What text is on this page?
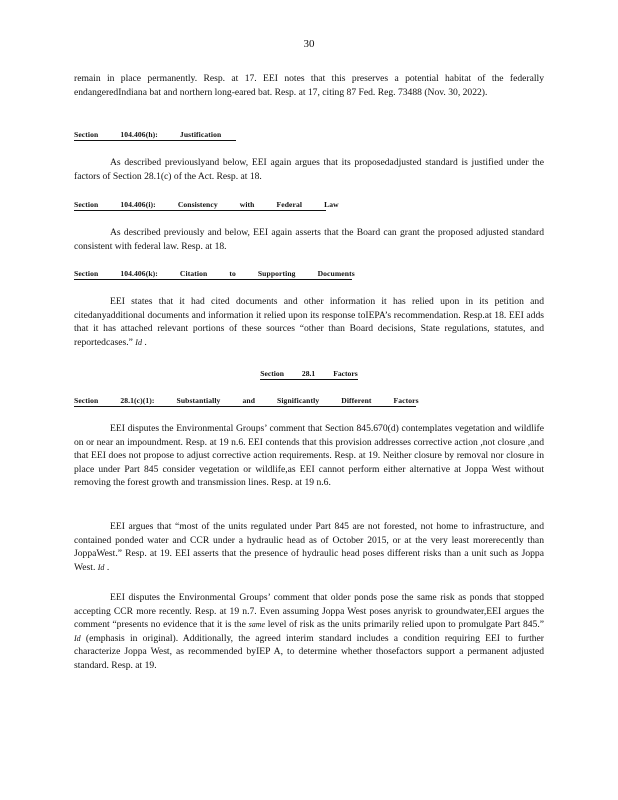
30

remain in place permanently. Resp. at 17. EEI notes that this preserves a potential habitat of the federally endangeredIndiana bat and northern long-eared bat. Resp. at 17, citing 87 Fed. Reg. 73488 (Nov. 30, 2022).

Section	104.406(h):	Justification

As described previouslyand below, EEI again argues that its proposedadjusted standard is justified under the factors of Section 28.1(c) of the Act. Resp. at 18.

Section	104.406(i):	Consistency	with	Federal	Law

As described previously and below, EEI again asserts that the Board can grant the proposed adjusted standard consistent with federal law. Resp. at 18.

Section	104.406(k):	Citation	to	Supporting	Documents

EEI states that it had cited documents and other information it has relied upon in its petition and citedanyadditional documents and information it relied upon its response toIEPA’s recommendation. Resp.at 18. EEI adds that it has attached relevant portions of these sources “other than Board decisions, State regulations, statutes, and reportedcases.” Id .

Section 28.1 Factors
Section	28.1(c)(1):	Substantially	and	Significantly	Different	Factors

EEI disputes the Environmental Groups’ comment that Section 845.670(d) contemplates vegetation and wildlife on or near an impoundment. Resp. at 19 n.6. EEI contends that this provision addresses corrective action ,not closure ,and that EEI does not propose to adjust corrective action requirements. Resp. at 19. Neither closure by removal nor closure in place under Part 845 consider vegetation or wildlife,as EEI cannot perform either alternative at Joppa West without removing the forest growth and transmission lines. Resp. at 19 n.6.

EEI argues that “most of the units regulated under Part 845 are not forested, not home to infrastructure, and contained ponded water and CCR under a hydraulic head as of October 2015, or at the very least morerecently than JoppaWest.” Resp. at 19. EEI asserts that the presence of hydraulic head poses different risks than a unit such as Joppa West. Id .

EEI disputes the Environmental Groups’ comment that older ponds pose the same risk as ponds that stopped accepting CCR more recently. Resp. at 19 n.7. Even assuming Joppa West poses anyrisk to groundwater,EEI argues the comment “presents no evidence that it is the same level of risk as the units primarily relied upon to promulgate Part 845.” Id (emphasis in original). Additionally, the agreed interim standard includes a condition requiring EEI to further characterize Joppa West, as recommended byIEP A, to determine whether thosefactors support a permanent adjusted standard. Resp. at 19.
